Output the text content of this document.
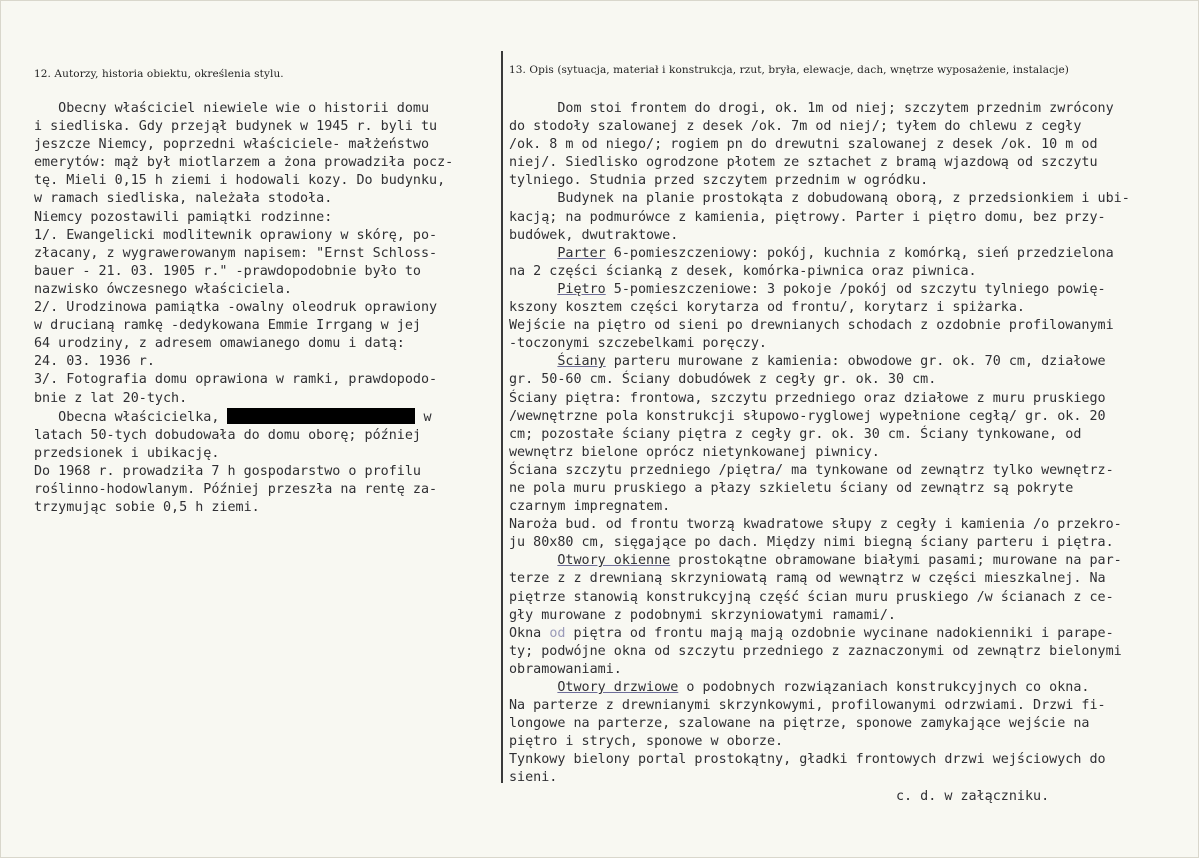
12. Autorzy, historia obiektu, określenia stylu.	13. Opis (sytuacja, materiał i konstrukcja, rzut, bryła, elewacje, dach, wnętrze wyposażenie, instalacje)
Obecny właściciel niewiele wie o historii domu
i siedliska. Gdy przejął budynek w 1945 r. byli tu
jeszcze Niemcy, poprzedni właściciele- małżeństwo
emerytów: mąż był miotlarzem a żona prowadziła pocz-
tę. Mieli 0,15 h ziemi i hodowali kozy. Do budynku,
w ramach siedliska, należała stodoła.
Niemcy pozostawili pamiątki rodzinne:
1/. Ewangelicki modlitewnik oprawiony w skórę, po-
złacany, z wygrawerowanym napisem: "Ernst Schloss-
bauer - 21. 03. 1905 r." -prawdopodobnie było to
nazwisko ówczesnego właściciela.
2/. Urodzinowa pamiątka -owalny oleodruk oprawiony
w drucianą ramkę -dedykowana Emmie Irrgang w jej
64 urodziny, z adresem omawianego domu i datą:
24. 03. 1936 r.
3/. Fotografia domu oprawiona w ramki, prawdopodo-
bnie z lat 20-tych.
Obecna właścicielka,	w
latach 50-tych dobudowała do domu oborę; później
przedsionek i ubikację.
Do 1968 r. prowadziła 7 h gospodarstwo o profilu
roślinno-hodowlanym. Później przeszła na rentę za-
trzymując sobie 0,5 h ziemi.
Dom stoi frontem do drogi, ok. 1m od niej; szczytem przednim zwrócony
do stodoły szalowanej z desek /ok. 7m od niej/; tyłem do chlewu z cegły
/ok. 8 m od niego/; rogiem pn do drewutni szalowanej z desek /ok. 10 m od
niej/. Siedlisko ogrodzone płotem ze sztachet z bramą wjazdową od szczytu
tylniego. Studnia przed szczytem przednim w ogródku.
Budynek na planie prostokąta z dobudowaną oborą, z przedsionkiem i ubi-
kacją; na podmurówce z kamienia, piętrowy. Parter i piętro domu, bez przy-
budówek, dwutraktowe.
Parter 6-pomieszczeniowy: pokój, kuchnia z komórką, sień przedzielona
na 2 części ścianką z desek, komórka-piwnica oraz piwnica.
Piętro 5-pomieszczeniowe: 3 pokoje /pokój od szczytu tylniego powię-
kszony kosztem części korytarza od frontu/, korytarz i spiżarka.
Wejście na piętro od sieni po drewnianych schodach z ozdobnie profilowanymi
-toczonymi szczebelkami poręczy.
Ściany parteru murowane z kamienia: obwodowe gr. ok. 70 cm, działowe
gr. 50-60 cm. Ściany dobudówek z cegły gr. ok. 30 cm.
Ściany piętra: frontowa, szczytu przedniego oraz działowe z muru pruskiego
/wewnętrzne pola konstrukcji słupowo-ryglowej wypełnione cegłą/ gr. ok. 20
cm; pozostałe ściany piętra z cegły gr. ok. 30 cm. Ściany tynkowane, od
wewnętrz bielone oprócz nietynkowanej piwnicy.
Ściana szczytu przedniego /piętra/ ma tynkowane od zewnątrz tylko wewnętrz-
ne pola muru pruskiego a płazy szkieletu ściany od zewnątrz są pokryte
czarnym impregnatem.
Naroża bud. od frontu tworzą kwadratowe słupy z cegły i kamienia /o przekro-
ju 80x80 cm, sięgające po dach. Między nimi biegną ściany parteru i piętra.
Otwory okienne prostokątne obramowane białymi pasami; murowane na par-
terze z z drewnianą skrzyniowatą ramą od wewnątrz w części mieszkalnej. Na
piętrze stanowią konstrukcyjną część ścian muru pruskiego /w ścianach z ce-
gły murowane z podobnymi skrzyniowatymi ramami/.
Okna od piętra od frontu mają mają ozdobnie wycinane nadokienniki i parape-
ty; podwójne okna od szczytu przedniego z zaznaczonymi od zewnątrz bielonymi
obramowaniami.
Otwory drzwiowe o podobnych rozwiązaniach konstrukcyjnych co okna.
Na parterze z drewnianymi skrzynkowymi, profilowanymi odrzwiami. Drzwi fi-
longowe na parterze, szalowane na piętrze, sponowe zamykające wejście na
piętro i strych, sponowe w oborze.
Tynkowy bielony portal prostokątny, gładki frontowych drzwi wejściowych do
sieni.
c. d. w załączniku.
